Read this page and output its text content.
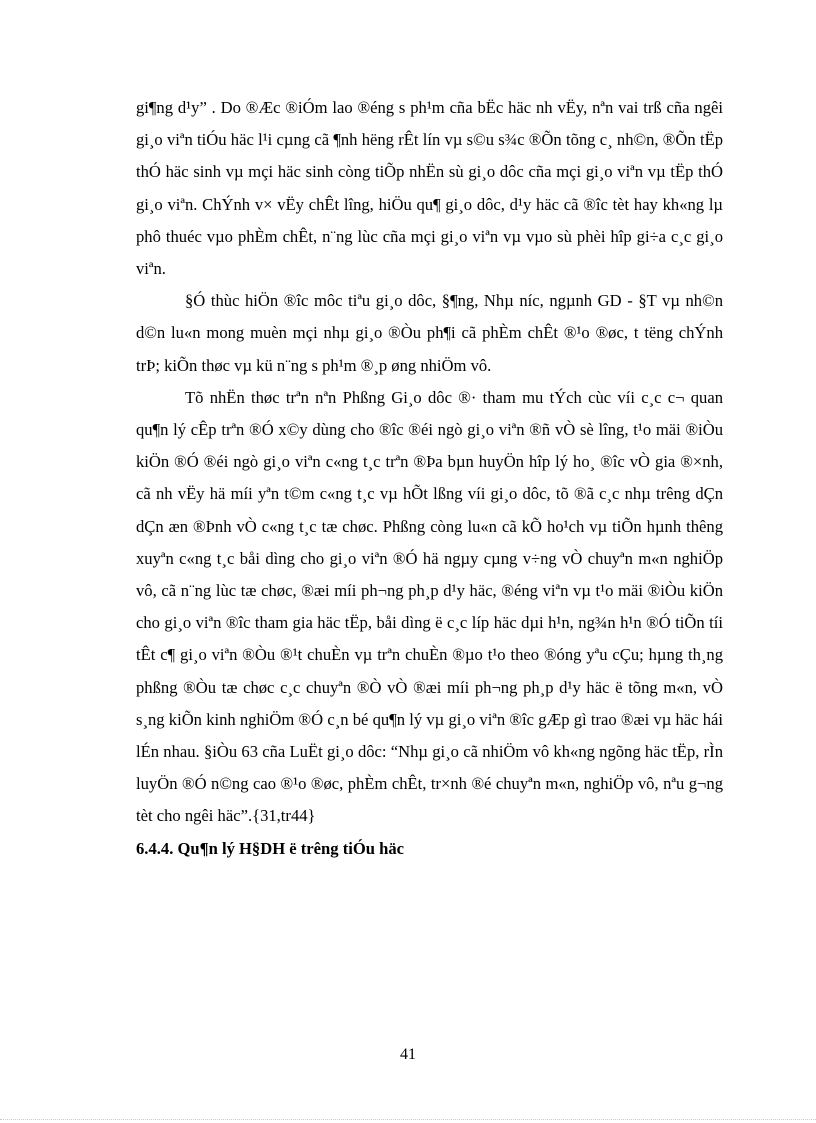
gi¶ng d¹y” . Do ®Æc ®iÓm lao ®éng s ph¹m cña bËc häc nh vËy, nªn vai trß cña ngêi gi¸o viªn tiÓu häc l¹i cµng cã ¶nh hëng rÊt lín vµ s©u s¾c ®Õn tõng c¸ nh©n, ®Õn tËp thÓ häc sinh vµ mçi häc sinh còng tiÕp nhËn sù gi¸o dôc cña mçi gi¸o viªn vµ tËp thÓ gi¸o viªn. ChÝnh v× vËy chÊt lîng, hiÖu qu¶ gi¸o dôc, d¹y häc cã ®îc tèt hay kh«ng lµ phô thuéc vµo phÈm chÊt, n¨ng lùc cña mçi gi¸o viªn vµ vµo sù phèi hîp gi÷a c¸c gi¸o viªn.

§Ó thùc hiÖn ®îc môc tiªu gi¸o dôc, §¶ng, Nhµ níc, ngµnh GD - §T vµ nh©n d©n lu«n mong muèn mçi nhµ gi¸o ®Òu ph¶i cã phÈm chÊt ®¹o ®øc, t tëng chÝnh trÞ; kiÕn thøc vµ kü n¨ng s ph¹m ®¸p øng nhiÖm vô.

Tõ nhËn thøc trªn nªn Phßng Gi¸o dôc ®· tham mu tÝch cùc víi c¸c c¬ quan qu¶n lý cÊp trªn ®Ó x©y dùng cho ®îc ®éi ngò gi¸o viªn ®ñ vÒ sè lîng, t¹o mäi ®iÒu kiÖn ®Ó ®éi ngò gi¸o viªn c«ng t¸c trªn ®Þa bµn huyÖn hîp lý ho¸ ®îc vÒ gia ®×nh, cã nh vËy hä míi yªn t©m c«ng t¸c vµ hÕt lßng víi gi¸o dôc, tõ ®ã c¸c nhµ trêng dÇn dÇn æn ®Þnh vÒ c«ng t¸c tæ chøc. Phßng còng lu«n cã kÕ ho¹ch vµ tiÕn hµnh thêng xuyªn c«ng t¸c båi dìng cho gi¸o viªn ®Ó hä ngµy cµng v÷ng vÒ chuyªn m«n nghiÖp vô, cã n¨ng lùc tæ chøc, ®æi míi ph¬ng ph¸p d¹y häc, ®éng viªn vµ t¹o mäi ®iÒu kiÖn cho gi¸o viªn ®îc tham gia häc tËp, båi dìng ë c¸c líp häc dµi h¹n, ng¾n h¹n ®Ó tiÕn tíi tÊt c¶ gi¸o viªn ®Òu ®¹t chuÈn vµ trªn chuÈn ®µo t¹o theo ®óng yªu cÇu; hµng th¸ng phßng ®Òu tæ chøc c¸c chuyªn ®Ò vÒ ®æi míi ph¬ng ph¸p d¹y häc ë tõng m«n, vÒ s¸ng kiÕn kinh nghiÖm ®Ó c¸n bé qu¶n lý vµ gi¸o viªn ®îc gÆp gì trao ®æi vµ häc hái lÉn nhau. §iÒu 63 cña LuËt gi¸o dôc: “Nhµ gi¸o cã nhiÖm vô kh«ng ngõng häc tËp, rÌn luyÖn ®Ó n©ng cao ®¹o ®øc, phÈm chÊt, tr×nh ®é chuyªn m«n, nghiÖp vô, nªu g¬ng tèt cho ngêi häc”.{31,tr44}

6.4.4. Qu¶n lý H§DH ë trêng tiÓu häc

41
